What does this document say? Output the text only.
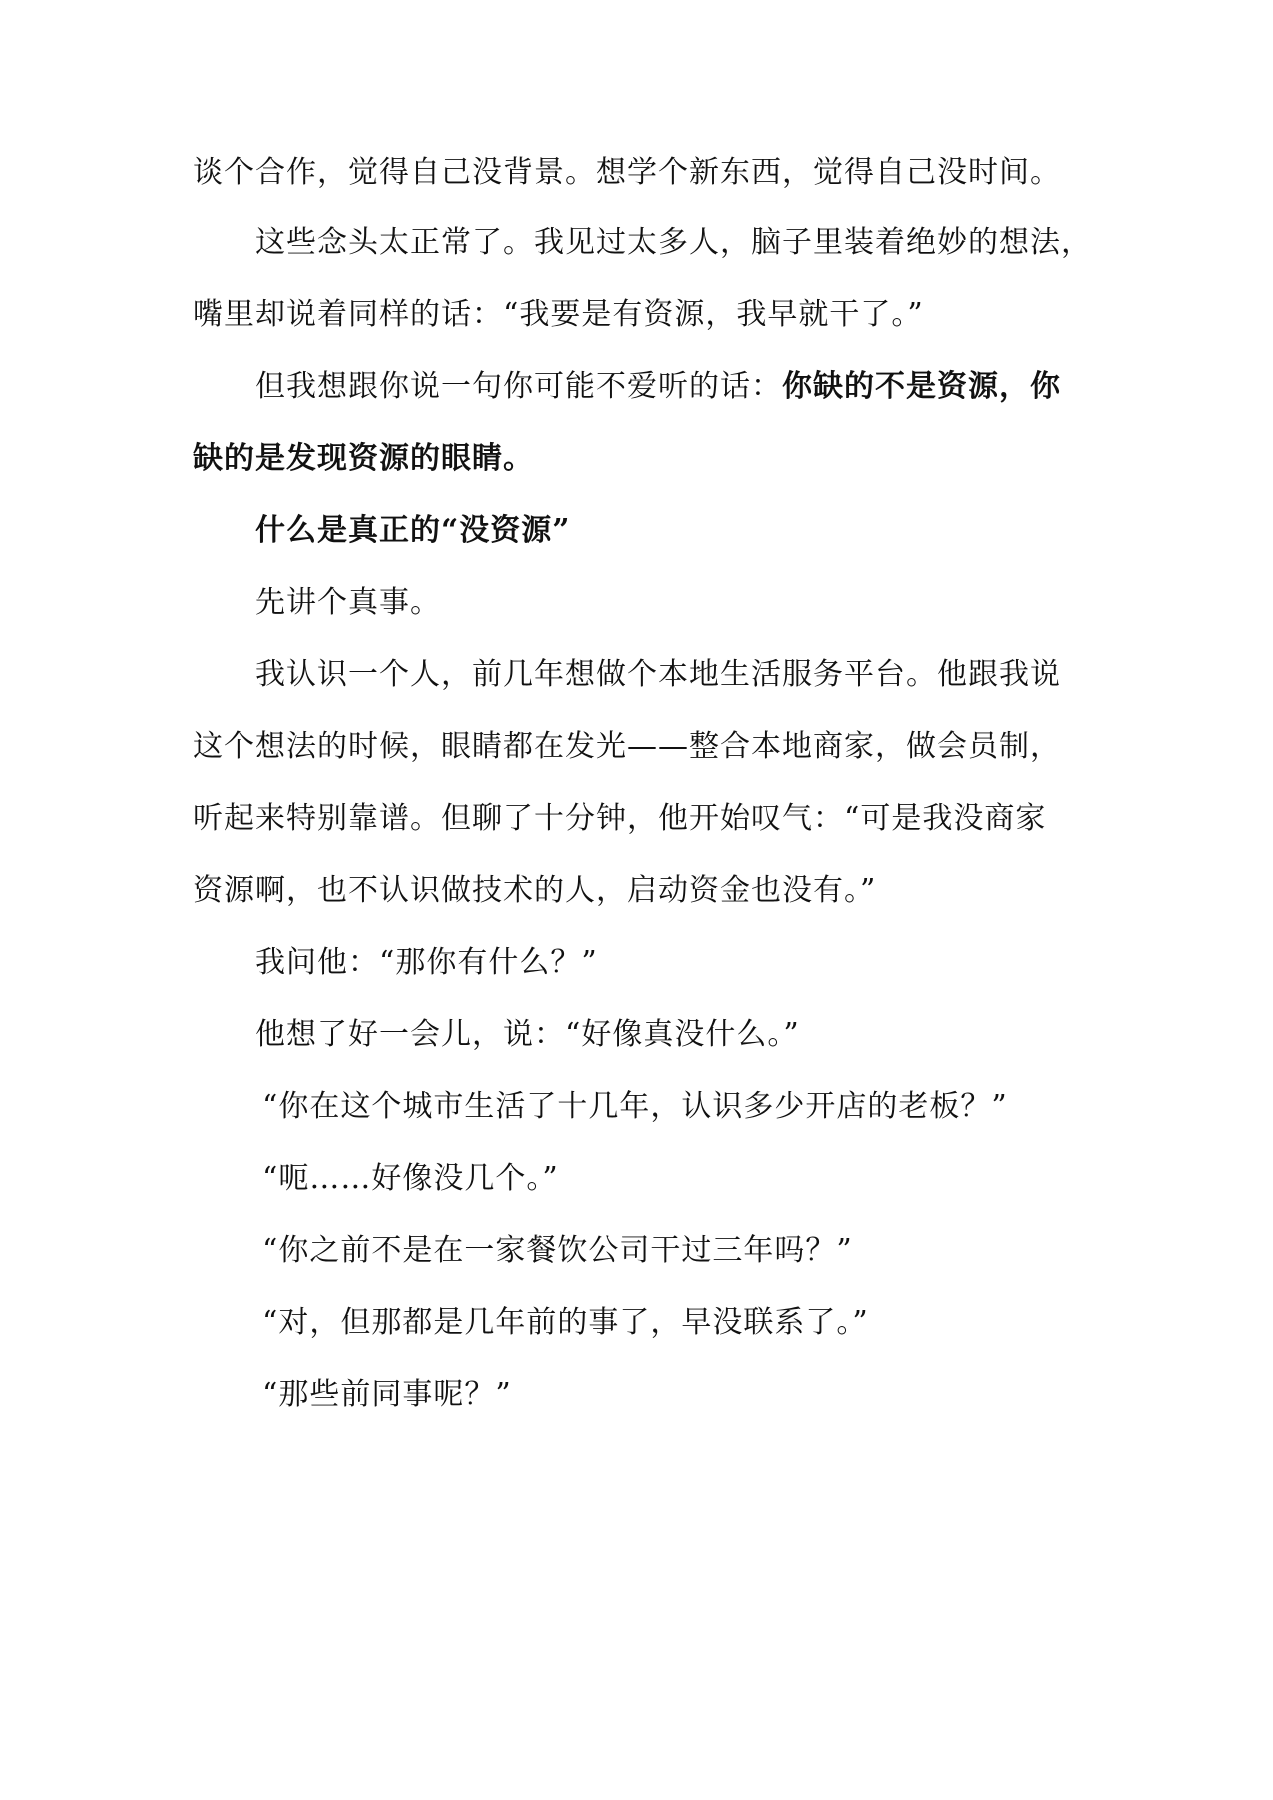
谈个合作，觉得自己没背景。想学个新东西，觉得自己没时间。
这些念头太正常了。我见过太多人，脑子里装着绝妙的想法，
嘴里却说着同样的话：“我要是有资源，我早就干了。”
但我想跟你说一句你可能不爱听的话：你缺的不是资源，你
缺的是发现资源的眼睛。
什么是真正的“没资源”
先讲个真事。
我认识一个人，前几年想做个本地生活服务平台。他跟我说
这个想法的时候，眼睛都在发光——整合本地商家，做会员制，
听起来特别靠谱。但聊了十分钟，他开始叹气：“可是我没商家
资源啊，也不认识做技术的人，启动资金也没有。”
我问他：“那你有什么？”
他想了好一会儿，说：“好像真没什么。”
“你在这个城市生活了十几年，认识多少开店的老板？”
“呃……好像没几个。”
“你之前不是在一家餐饮公司干过三年吗？”
“对，但那都是几年前的事了，早没联系了。”
“那些前同事呢？”
